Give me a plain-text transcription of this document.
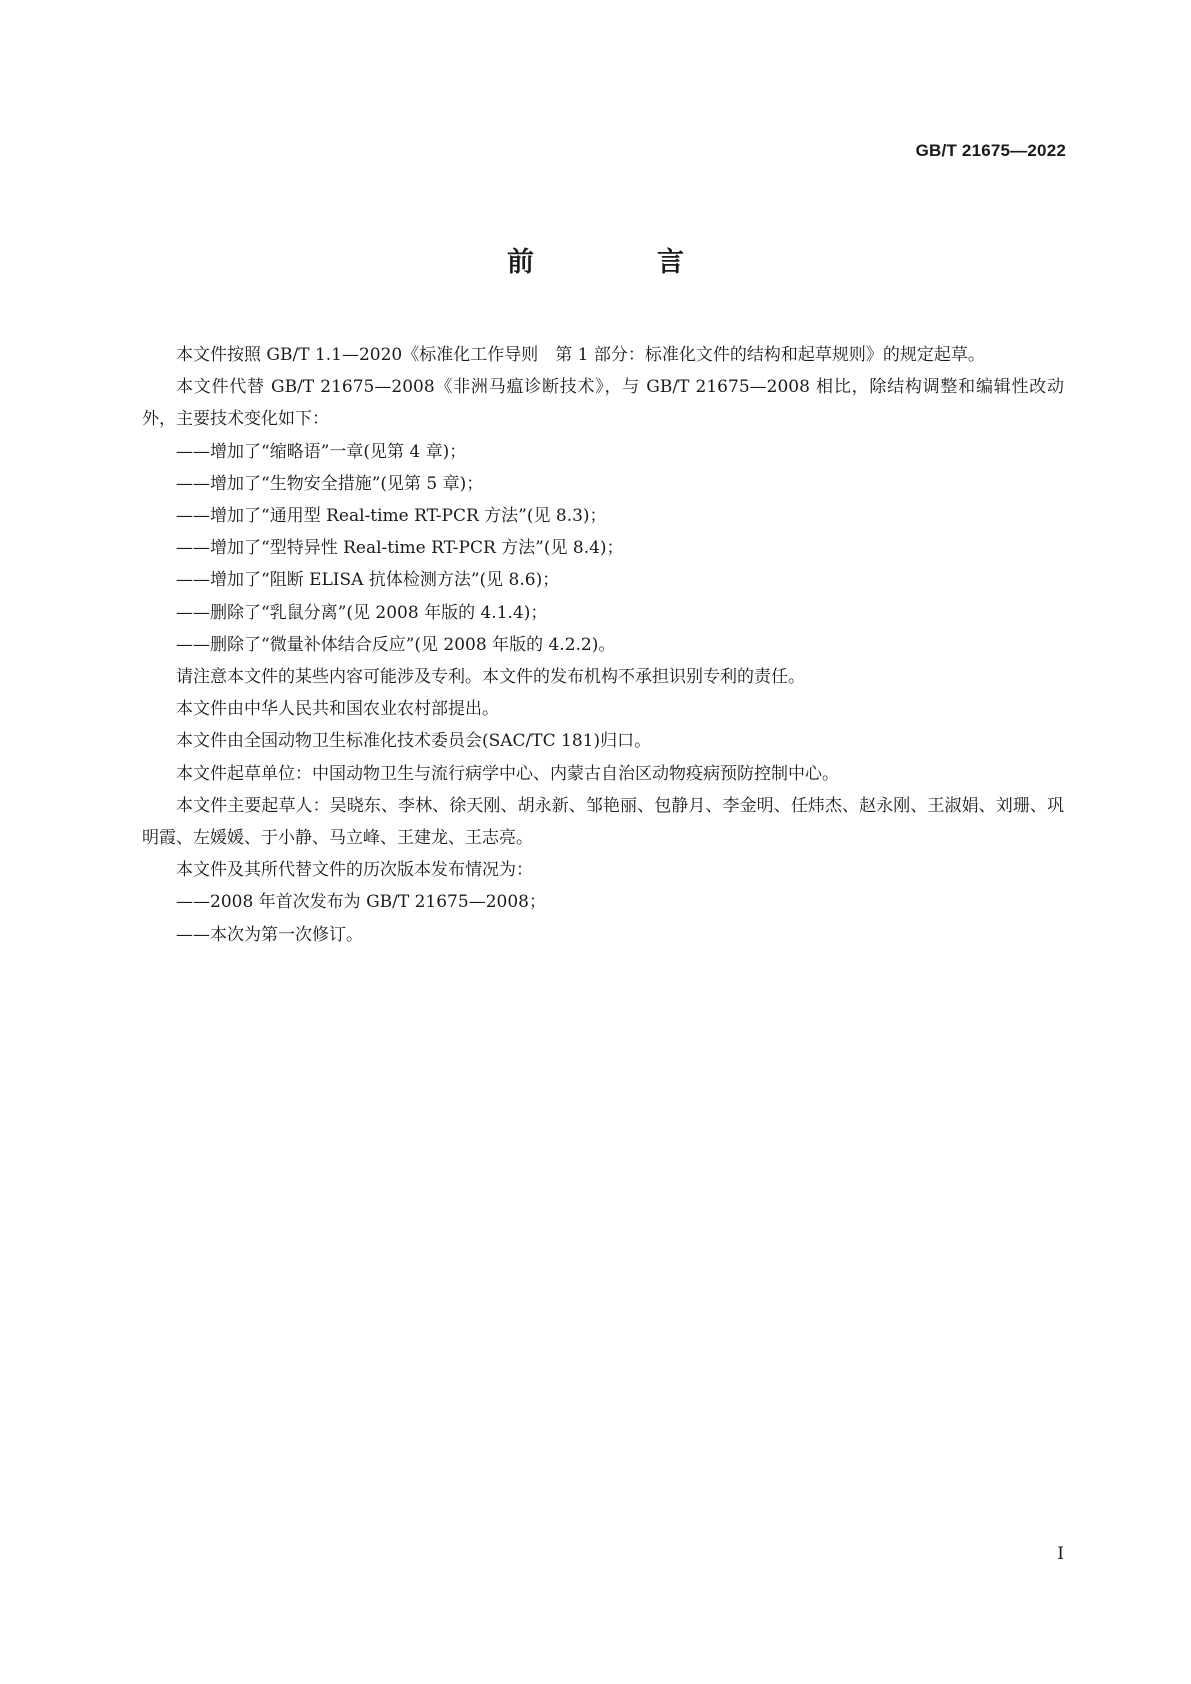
GB/T 21675—2022
前　言

本文件按照 GB/T 1.1—2020《标准化工作导则　第 1 部分：标准化文件的结构和起草规则》的规定起草。

本文件代替 GB/T 21675—2008《非洲马瘟诊断技术》，与 GB/T 21675—2008 相比，除结构调整和编辑性改动外，主要技术变化如下：

——增加了“缩略语”一章(见第 4 章)；

——增加了“生物安全措施”(见第 5 章)；

——增加了“通用型 Real-time RT-PCR 方法”(见 8.3)；

——增加了“型特异性 Real-time RT-PCR 方法”(见 8.4)；

——增加了“阻断 ELISA 抗体检测方法”(见 8.6)；

——删除了“乳鼠分离”(见 2008 年版的 4.1.4)；

——删除了“微量补体结合反应”(见 2008 年版的 4.2.2)。

请注意本文件的某些内容可能涉及专利。本文件的发布机构不承担识别专利的责任。

本文件由中华人民共和国农业农村部提出。

本文件由全国动物卫生标准化技术委员会(SAC/TC 181)归口。

本文件起草单位：中国动物卫生与流行病学中心、内蒙古自治区动物疫病预防控制中心。

本文件主要起草人：吴晓东、李林、徐天刚、胡永新、邹艳丽、包静月、李金明、任炜杰、赵永刚、王淑娟、刘珊、巩明霞、左媛媛、于小静、马立峰、王建龙、王志亮。

本文件及其所代替文件的历次版本发布情况为：

——2008 年首次发布为 GB/T 21675—2008；

——本次为第一次修订。

I
